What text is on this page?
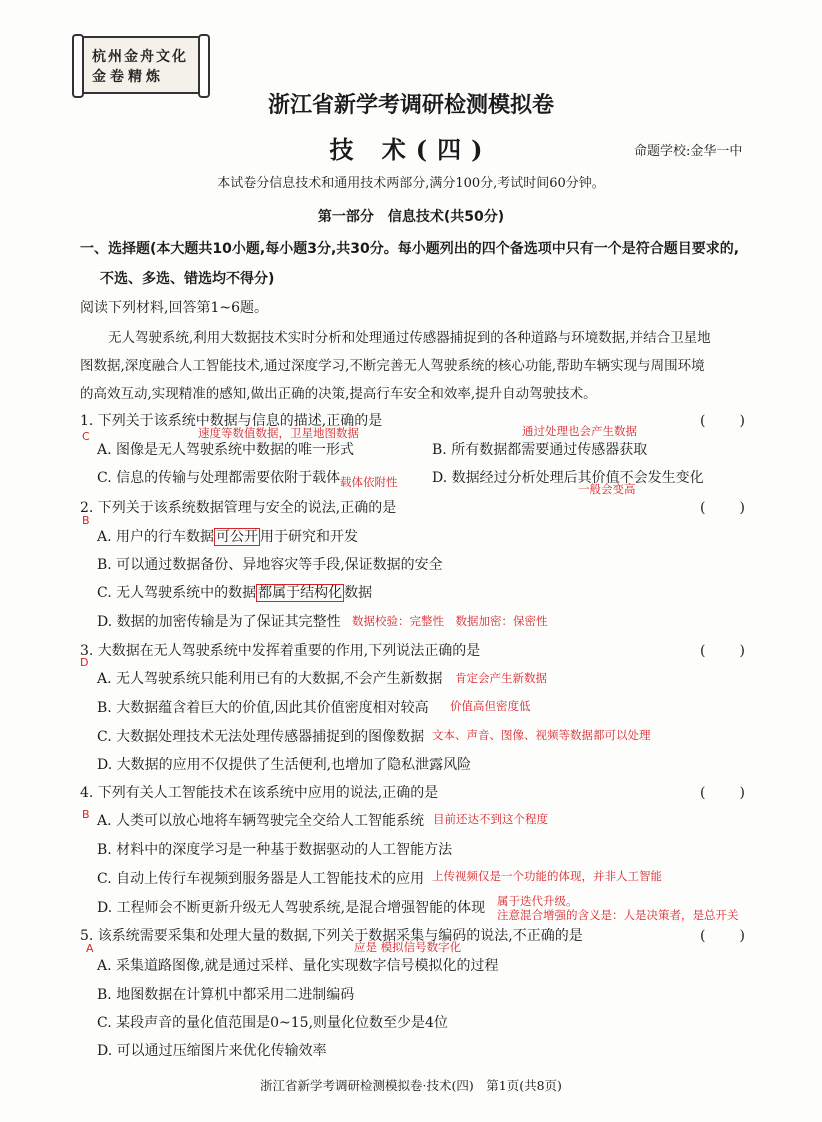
杭州金舟文化
金卷精炼
浙江省新学考调研检测模拟卷
技 术(四)	命题学校:金华一中
本试卷分信息技术和通用技术两部分,满分100分,考试时间60分钟。
第一部分　信息技术(共50分)
一、选择题(本大题共10小题,每小题3分,共30分。每小题列出的四个备选项中只有一个是符合题目要求的,
不选、多选、错选均不得分)
阅读下列材料,回答第1~6题。
无人驾驶系统,利用大数据技术实时分析和处理通过传感器捕捉到的各种道路与环境数据,并结合卫星地
图数据,深度融合人工智能技术,通过深度学习,不断完善无人驾驶系统的核心功能,帮助车辆实现与周围环境
的高效互动,实现精准的感知,做出正确的决策,提高行车安全和效率,提升自动驾驶技术。
1. 下列关于该系统中数据与信息的描述,正确的是	(　　)
C	速度等数值数据，卫星地图数据	通过处理也会产生数据
A. 图像是无人驾驶系统中数据的唯一形式	B. 所有数据都需要通过传感器获取
C. 信息的传输与处理都需要依附于载体 载体依附性 D. 数据经过分析处理后其价值不会发生变化
一般会变高
2. 下列关于该系统数据管理与安全的说法,正确的是	(　　)
B
A. 用户的行车数据 可公开 用于研究和开发
B. 可以通过数据备份、异地容灾等手段,保证数据的安全
C. 无人驾驶系统中的数据 都属于结构化 数据
D. 数据的加密传输是为了保证其完整性 数据校验：完整性　数据加密：保密性
3. 大数据在无人驾驶系统中发挥着重要的作用,下列说法正确的是	(　　)
D
A. 无人驾驶系统只能利用已有的大数据,不会产生新数据 肯定会产生新数据
B. 大数据蕴含着巨大的价值,因此其价值密度相对较高 价值高但密度低
C. 大数据处理技术无法处理传感器捕捉到的图像数据 文本、声音、图像、视频等数据都可以处理
D. 大数据的应用不仅提供了生活便利,也增加了隐私泄露风险
4. 下列有关人工智能技术在该系统中应用的说法,正确的是	(　　)
B A. 人类可以放心地将车辆驾驶完全交给人工智能系统 目前还达不到这个程度
B. 材料中的深度学习是一种基于数据驱动的人工智能方法
C. 自动上传行车视频到服务器是人工智能技术的应用 上传视频仅是一个功能的体现，并非人工智能
D. 工程师会不断更新升级无人驾驶系统,是混合增强智能的体现 属于迭代升级。
注意混合增强的含义是：人是决策者，是总开关
5. 该系统需要采集和处理大量的数据,下列关于数据采集与编码的说法,不正确的是	(　　)
A	应是 模拟信号数字化
A. 采集道路图像,就是通过采样、量化实现数字信号模拟化的过程
B. 地图数据在计算机中都采用二进制编码
C. 某段声音的量化值范围是0~15,则量化位数至少是4位
D. 可以通过压缩图片来优化传输效率
浙江省新学考调研检测模拟卷·技术(四)　第1页(共8页)
